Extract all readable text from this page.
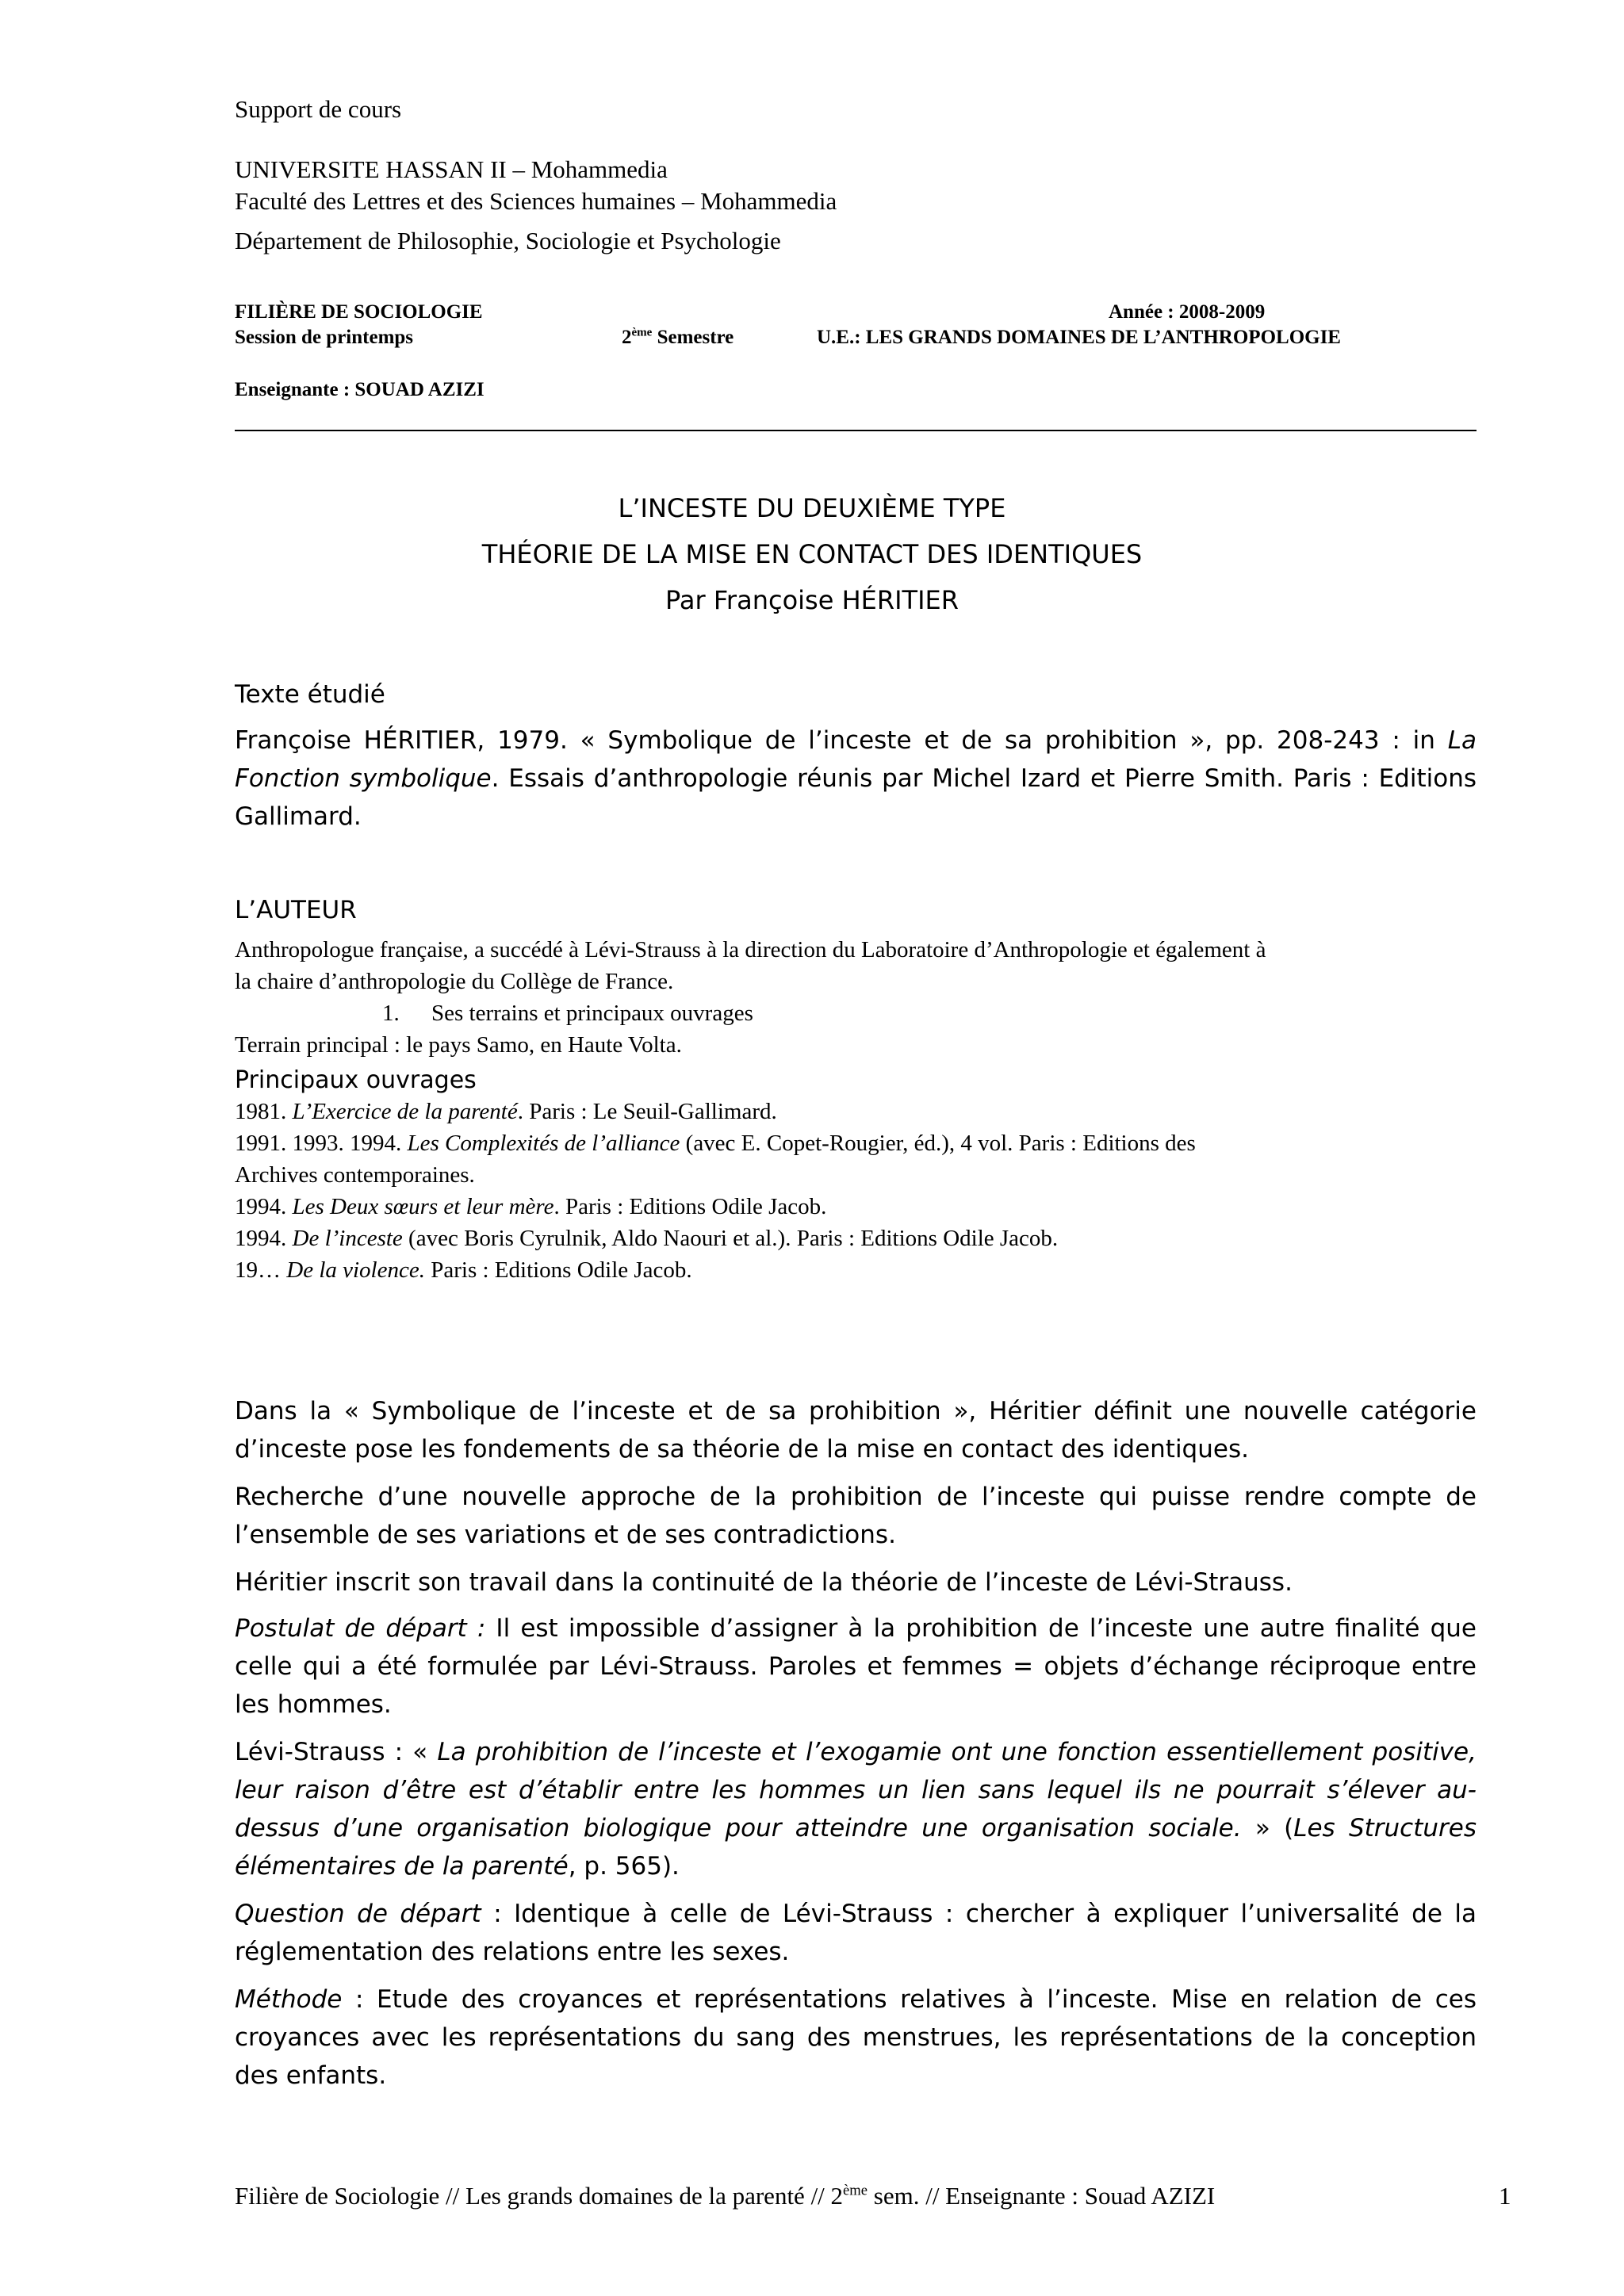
Support de cours
UNIVERSITE HASSAN II – Mohammedia
Faculté des Lettres et des Sciences humaines – Mohammedia
Département de Philosophie, Sociologie et Psychologie
FILIÈRE DE SOCIOLOGIE	Année : 2008-2009
Session de printemps	2ème Semestre	U.E.: LES GRANDS DOMAINES DE L’ANTHROPOLOGIE
Enseignante : SOUAD AZIZI
L’INCESTE DU DEUXIÈME TYPE
THÉORIE DE LA MISE EN CONTACT DES IDENTIQUES
Par Françoise HÉRITIER
Texte étudié
Françoise HÉRITIER, 1979. « Symbolique de l’inceste et de sa prohibition », pp. 208-243 : in La Fonction symbolique. Essais d’anthropologie réunis par Michel Izard et Pierre Smith. Paris : Editions Gallimard.
L’AUTEUR
Anthropologue française, a succédé à Lévi-Strauss à la direction du Laboratoire d’Anthropologie et également à
la chaire d’anthropologie du Collège de France.
1. Ses terrains et principaux ouvrages
Terrain principal : le pays Samo, en Haute Volta.
Principaux ouvrages
1981. L’Exercice de la parenté. Paris : Le Seuil-Gallimard.
1991. 1993. 1994. Les Complexités de l’alliance (avec E. Copet-Rougier, éd.), 4 vol. Paris : Editions des
Archives contemporaines.
1994. Les Deux sœurs et leur mère. Paris : Editions Odile Jacob.
1994. De l’inceste (avec Boris Cyrulnik, Aldo Naouri et al.). Paris : Editions Odile Jacob.
19… De la violence. Paris : Editions Odile Jacob.
Dans la « Symbolique de l’inceste et de sa prohibition », Héritier définit une nouvelle catégorie d’inceste pose les fondements de sa théorie de la mise en contact des identiques.
Recherche d’une nouvelle approche de la prohibition de l’inceste qui puisse rendre compte de l’ensemble de ses variations et de ses contradictions.
Héritier inscrit son travail dans la continuité de la théorie de l’inceste de Lévi-Strauss.
Postulat de départ : Il est impossible d’assigner à la prohibition de l’inceste une autre finalité que celle qui a été formulée par Lévi-Strauss. Paroles et femmes = objets d’échange réciproque entre les hommes.
Lévi-Strauss : « La prohibition de l’inceste et l’exogamie ont une fonction essentiellement positive, leur raison d’être est d’établir entre les hommes un lien sans lequel ils ne pourrait s’élever au-dessus d’une organisation biologique pour atteindre une organisation sociale. » (Les Structures élémentaires de la parenté, p. 565).
Question de départ : Identique à celle de Lévi-Strauss : chercher à expliquer l’universalité de la réglementation des relations entre les sexes.
Méthode : Etude des croyances et représentations relatives à l’inceste. Mise en relation de ces croyances avec les représentations du sang des menstrues, les représentations de la conception des enfants.
Filière de Sociologie // Les grands domaines de la parenté // 2ème sem. // Enseignante : Souad AZIZI	1
